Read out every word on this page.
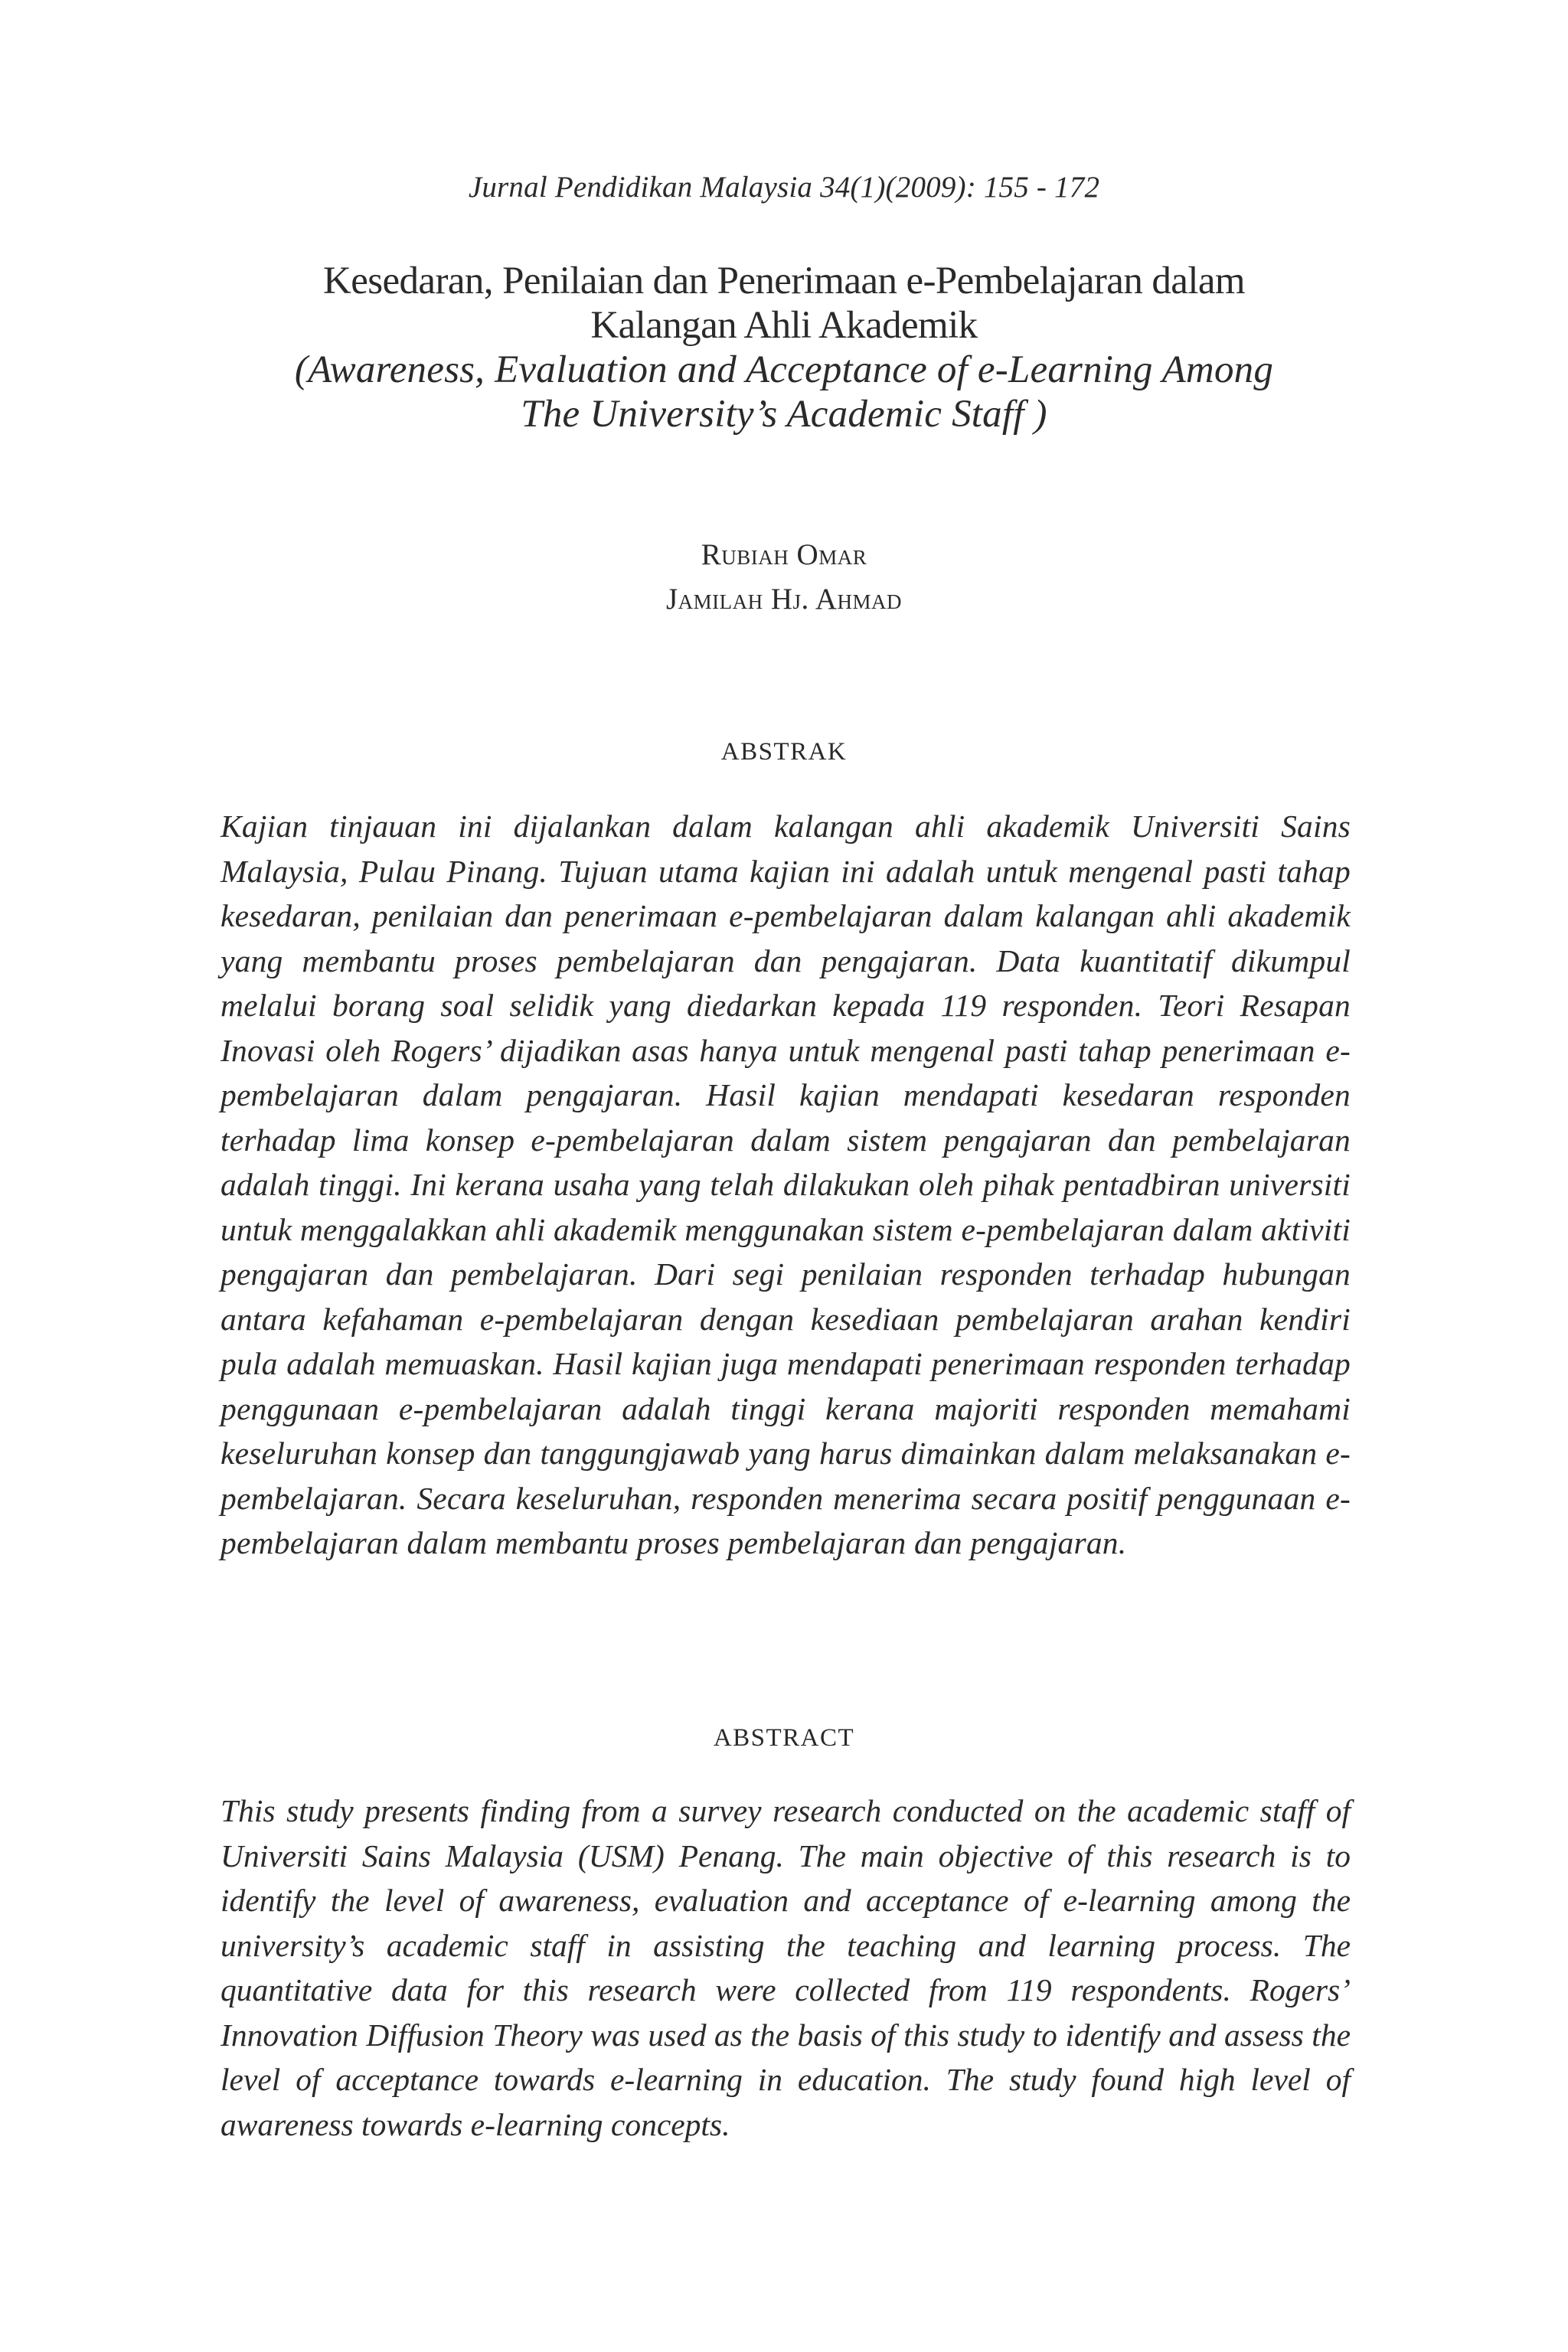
Jurnal Pendidikan Malaysia 34(1)(2009): 155 - 172
Kesedaran, Penilaian dan Penerimaan e-Pembelajaran dalam
Kalangan Ahli Akademik
(Awareness, Evaluation and Acceptance of e-Learning Among
The University’s Academic Staff )
Rubiah Omar
Jamilah Hj. Ahmad
ABSTRAK

Kajian tinjauan ini dijalankan dalam kalangan ahli akademik Universiti Sains Malaysia, Pulau Pinang. Tujuan utama kajian ini adalah untuk mengenal pasti tahap kesedaran, penilaian dan penerimaan e-pembelajaran dalam kalangan ahli akademik yang membantu proses pembelajaran dan pengajaran. Data kuantitatif dikumpul melalui borang soal selidik yang diedarkan kepada 119 responden. Teori Resapan Inovasi oleh Rogers’ dijadikan asas hanya untuk mengenal pasti tahap penerimaan e-pembelajaran dalam pengajaran. Hasil kajian mendapati kesedaran responden terhadap lima konsep e-pembelajaran dalam sistem pengajaran dan pembelajaran adalah tinggi. Ini kerana usaha yang telah dilakukan oleh pihak pentadbiran universiti untuk menggalakkan ahli akademik menggunakan sistem e-pembelajaran dalam aktiviti pengajaran dan pembelajaran. Dari segi penilaian responden terhadap hubungan antara kefahaman e-pembelajaran dengan kesediaan pembelajaran arahan kendiri pula adalah memuaskan. Hasil kajian juga mendapati penerimaan responden terhadap penggunaan e-pembelajaran adalah tinggi kerana majoriti responden memahami keseluruhan konsep dan tanggungjawab yang harus dimainkan dalam melaksanakan e-pembelajaran. Secara keseluruhan, responden menerima secara positif penggunaan e-pembelajaran dalam membantu proses pembelajaran dan pengajaran.

ABSTRACT

This study presents finding from a survey research conducted on the academic staff of Universiti Sains Malaysia (USM) Penang. The main objective of this research is to identify the level of awareness, evaluation and acceptance of e-learning among the university’s academic staff in assisting the teaching and learning process. The quantitative data for this research were collected from 119 respondents. Rogers’ Innovation Diffusion Theory was used as the basis of this study to identify and assess the level of acceptance towards e-learning in education. The study found high level of awareness towards e-learning concepts.
